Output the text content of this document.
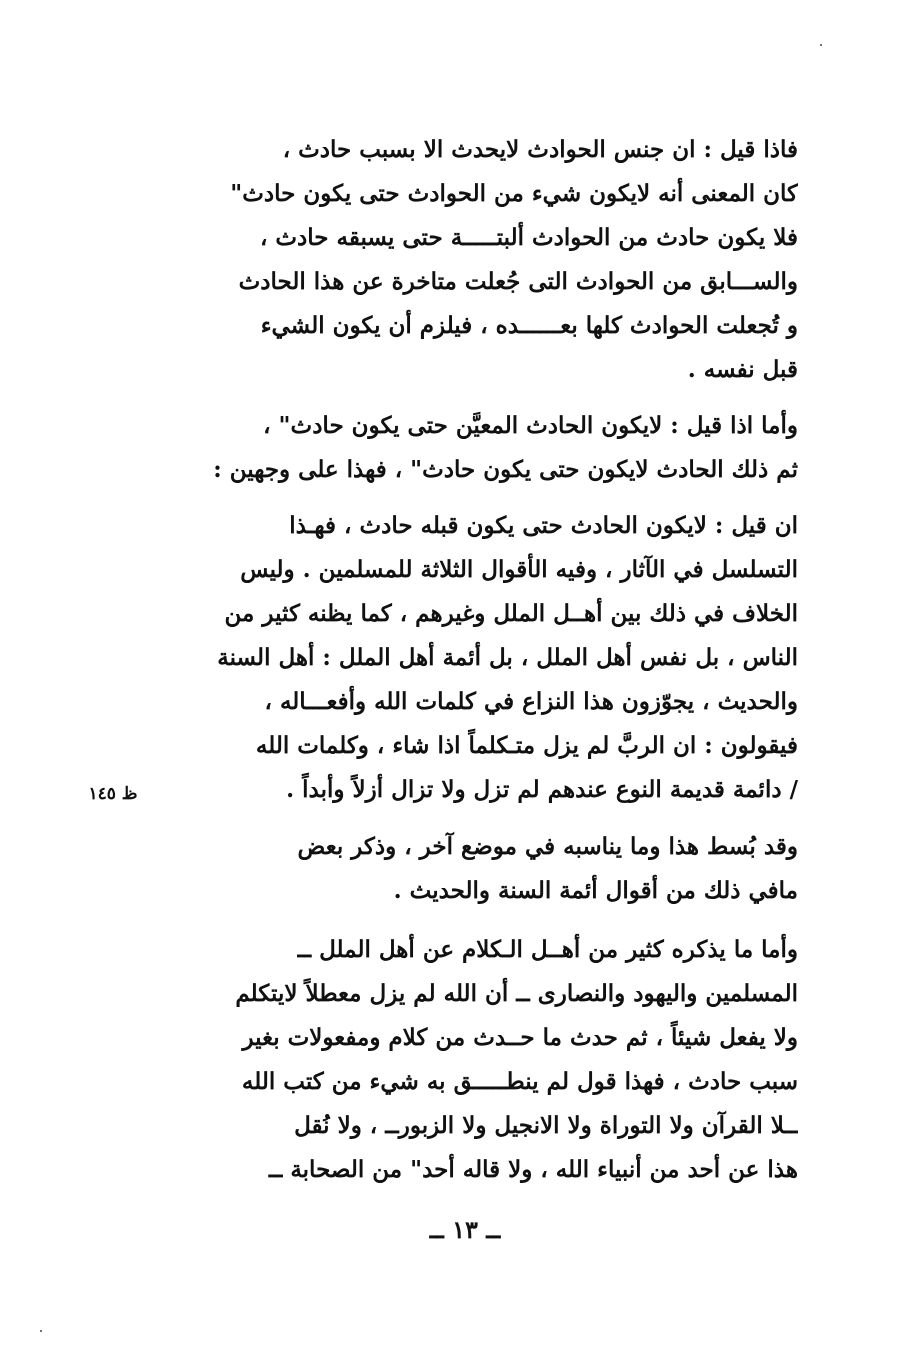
فاذا قيل : ان جنس الحوادث لايحدث الا بسبب حادث ،
كان المعنى أنه لايكون شيء من الحوادث حتى يكون حادث"
فلا يكون حادث من الحوادث ألبتـــــة حتى يسبقه حادث ،
والســـابق من الحوادث التى جُعلت متاخرة عن هذا الحادث
و تُجعلت الحوادث كلها بعــــــده ، فيلزم أن يكون الشيء
قبل نفسه .
وأما اذا قيل : لايكون الحادث المعيَّن حتى يكون حادث" ،
ثم ذلك الحادث لايكون حتى يكون حادث" ، فهذا على وجهين :
ان قيل : لايكون الحادث حتى يكون قبله حادث ، فهـذا
التسلسل في الآثار ، وفيه الأقوال الثلاثة للمسلمين . وليس
الخلاف في ذلك بين أهــل الملل وغيرهم ، كما يظنه كثير من
الناس ، بل نفس أهل الملل ، بل أئمة أهل الملل : أهل السنة
والحديث ، يجوّزون هذا النزاع في كلمات الله وأفعـــاله ،
فيقولون : ان الربَّ لم يزل متـكلماً اذا شاء ، وكلمات الله
/ دائمة قديمة النوع عندهم لم تزل ولا تزال أزلاً وأبداً .
ظ ١٤٥
وقد بُسط هذا وما يناسبه في موضع آخر ، وذكر بعض
مافي ذلك من أقوال أئمة السنة والحديث .
وأما ما يذكره كثير من أهــل الـكلام عن أهل الملل ــ
المسلمين واليهود والنصارى ــ أن الله لم يزل معطلاً لايتكلم
ولا يفعل شيئاً ، ثم حدث ما حــدث من كلام ومفعولات بغير
سبب حادث ، فهذا قول لم ينطـــــق به شيء من كتب الله
ــلا القرآن ولا التوراة ولا الانجيل ولا الزبورــ ، ولا نُقل
هذا عن أحد من أنبياء الله ، ولا قاله أحد" من الصحابة ــ
ــ ١٣ ــ
